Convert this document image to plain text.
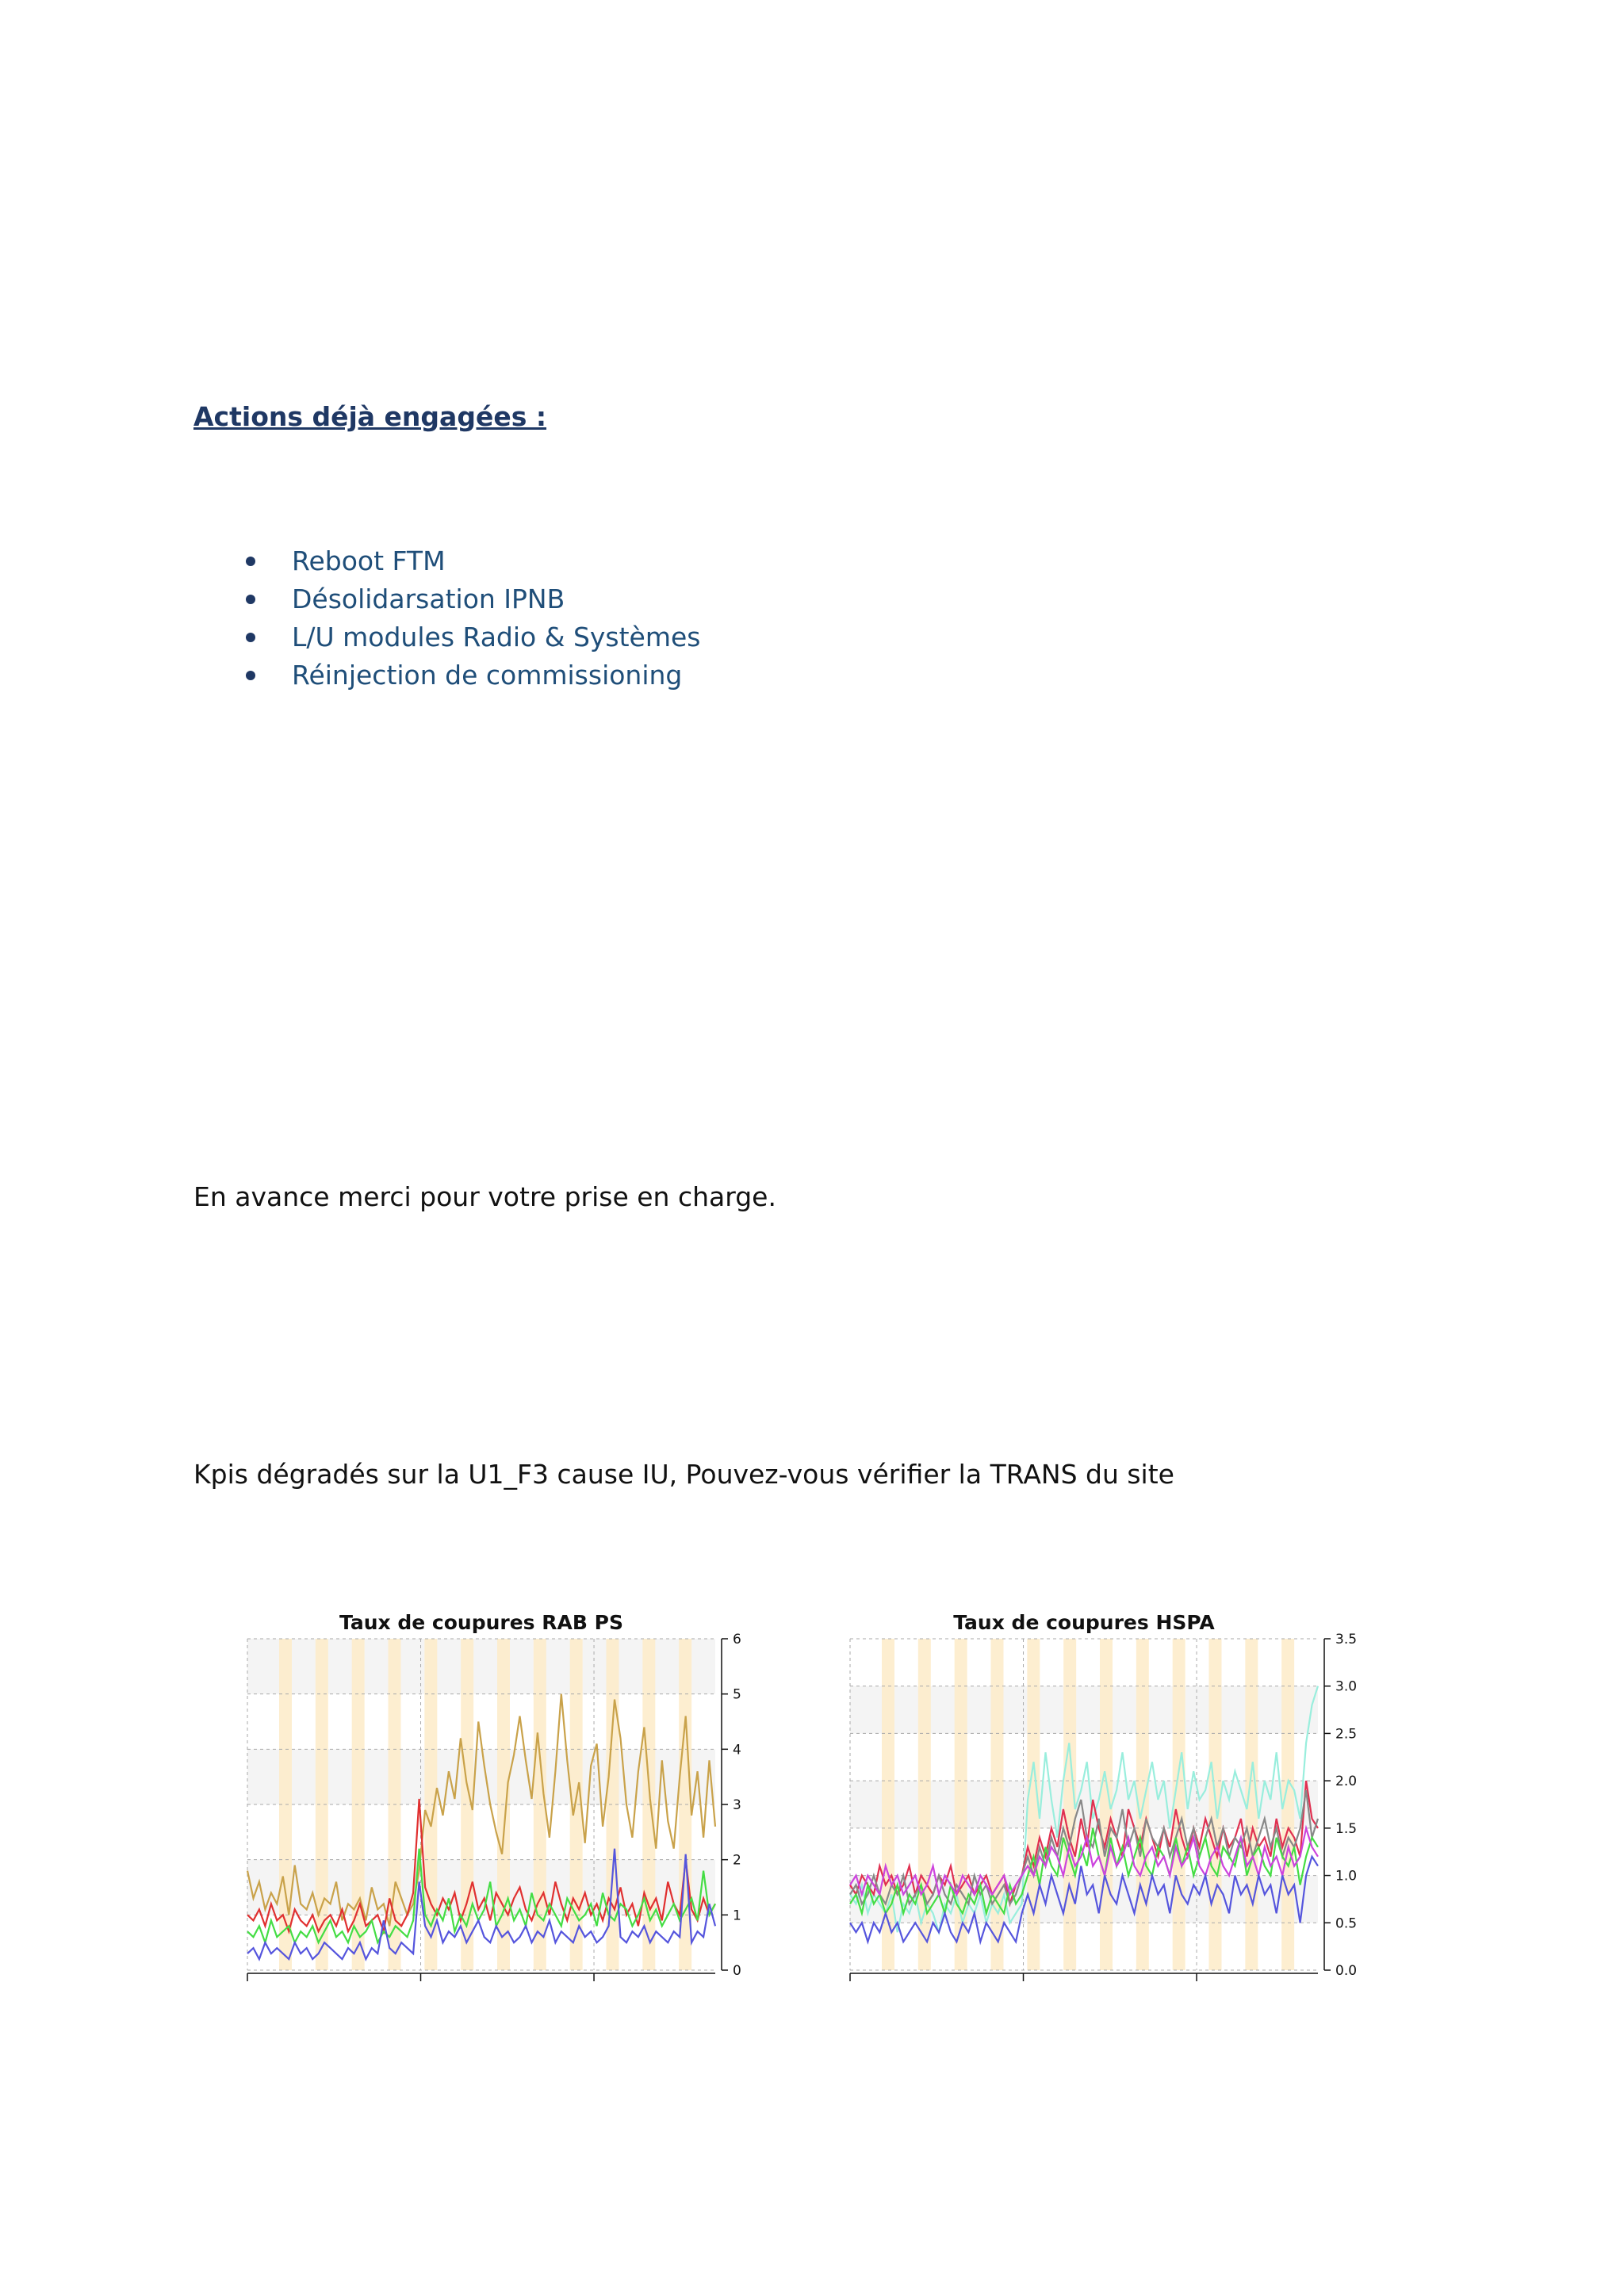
Actions déjà engagées :
Reboot FTM
Désolidarsation IPNB
L/U modules Radio & Systèmes
Réinjection de commissioning
En avance merci pour votre prise en charge.
Kpis dégradés sur la U1_F3 cause IU, Pouvez-vous vérifier la TRANS du site
0
1
2
3
4
5
6
Taux de coupures RAB PS
0.0
0.5
1.0
1.5
2.0
2.5
3.0
3.5
Taux de coupures HSPA
